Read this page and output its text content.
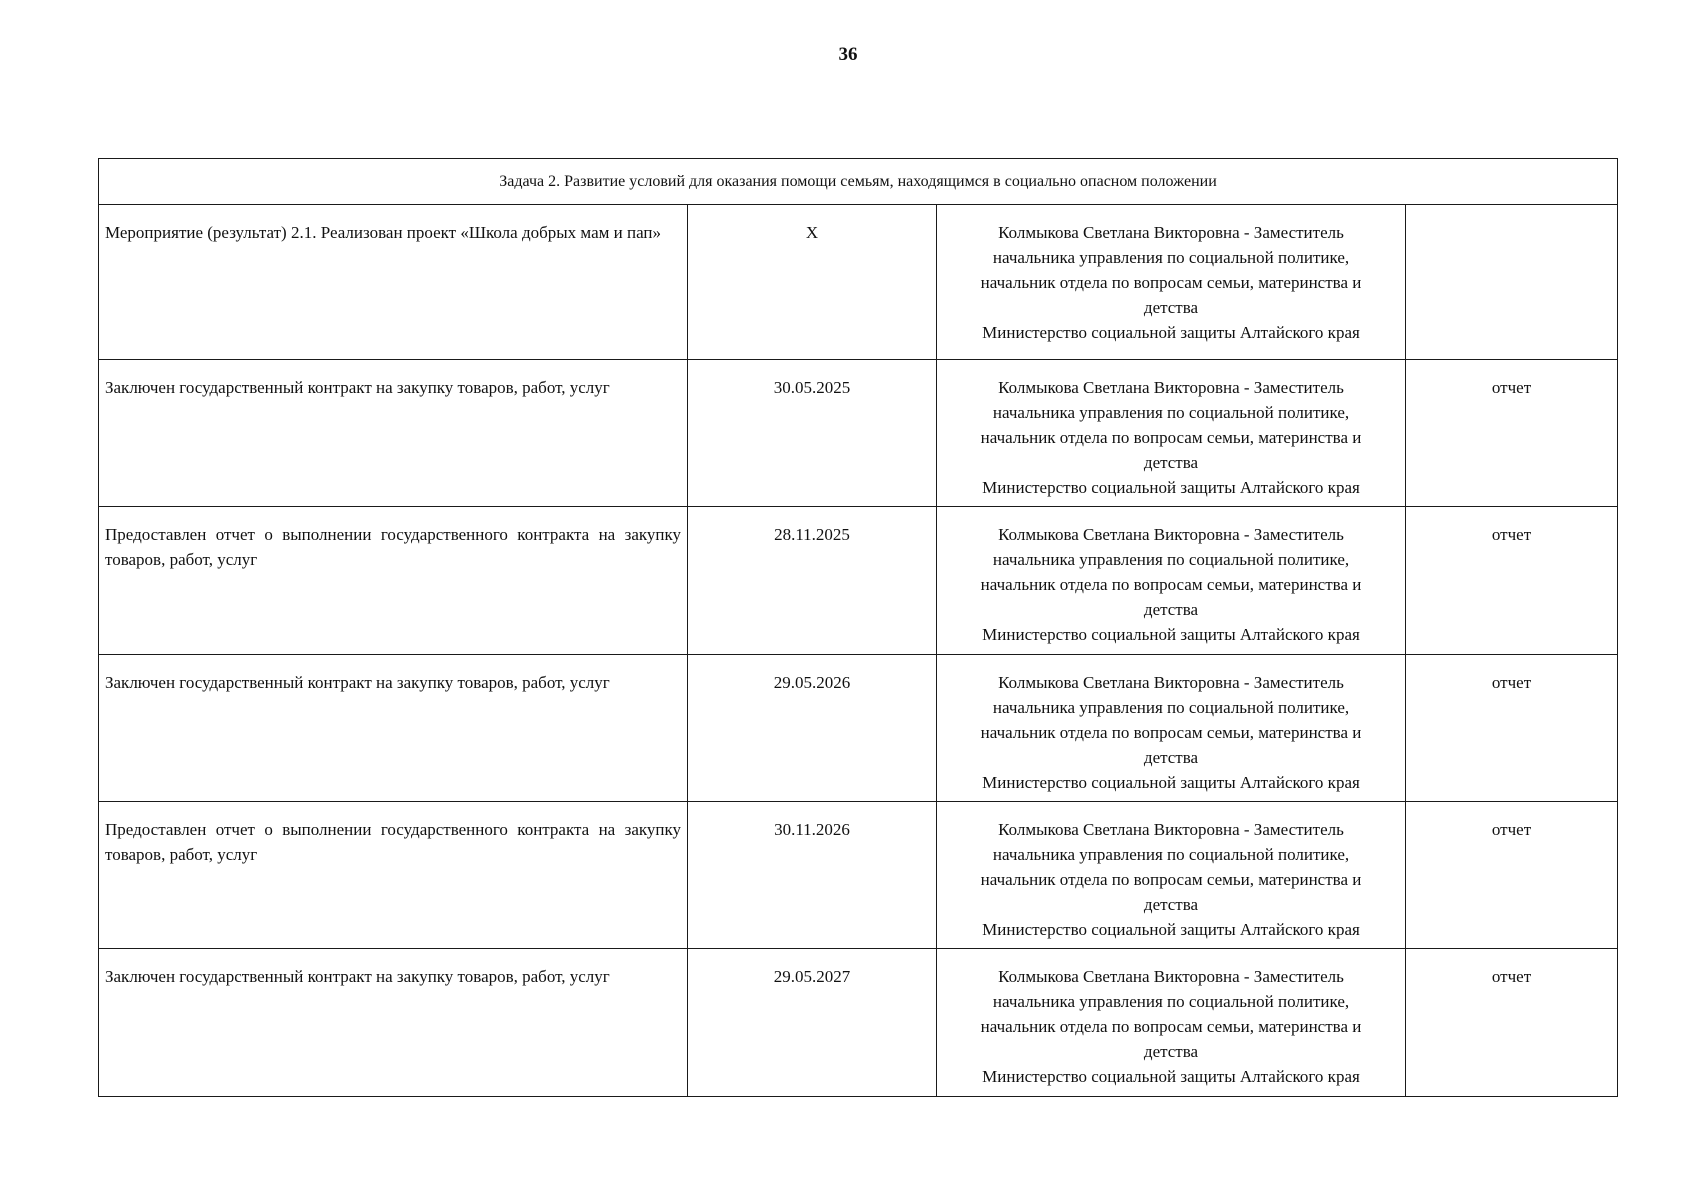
36
Задача 2. Развитие условий для оказания помощи семьям, находящимся в социально опасном положении			
Мероприятие (результат) 2.1. Реализован проект «Школа добрых мам и пап»	X	Колмыкова Светлана Викторовна - Заместитель
начальника управления по социальной политике,
начальник отдела по вопросам семьи, материнства и
детства
Министерство социальной защиты Алтайского края	

Заключен государственный контракт на закупку товаров, работ, услуг	30.05.2025	Колмыкова Светлана Викторовна - Заместитель
начальника управления по социальной политике,
начальник отдела по вопросам семьи, материнства и
детства
Министерство социальной защиты Алтайского края	отчет
Предоставлен отчет о выполнении государственного контракта на закупку товаров, работ, услуг	28.11.2025	Колмыкова Светлана Викторовна - Заместитель
начальника управления по социальной политике,
начальник отдела по вопросам семьи, материнства и
детства
Министерство социальной защиты Алтайского края	отчет
Заключен государственный контракт на закупку товаров, работ, услуг	29.05.2026	Колмыкова Светлана Викторовна - Заместитель
начальника управления по социальной политике,
начальник отдела по вопросам семьи, материнства и
детства
Министерство социальной защиты Алтайского края	отчет
Предоставлен отчет о выполнении государственного контракта на закупку товаров, работ, услуг	30.11.2026	Колмыкова Светлана Викторовна - Заместитель
начальника управления по социальной политике,
начальник отдела по вопросам семьи, материнства и
детства
Министерство социальной защиты Алтайского края	отчет
Заключен государственный контракт на закупку товаров, работ, услуг	29.05.2027	Колмыкова Светлана Викторовна - Заместитель
начальника управления по социальной политике,
начальник отдела по вопросам семьи, материнства и
детства
Министерство социальной защиты Алтайского края	отчет
